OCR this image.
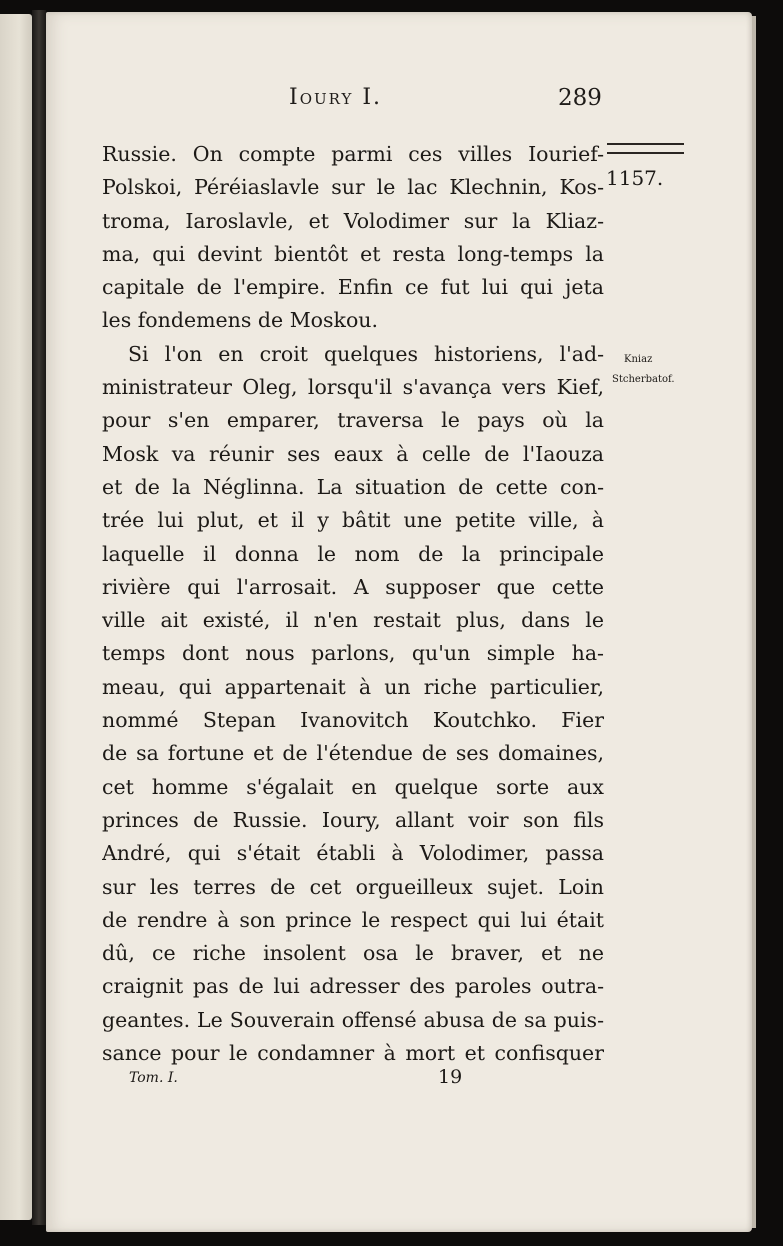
Ioury I.	289
1157.
Kniaz
Stcherbatof.
Russie. On compte parmi ces villes Iourief-
Polskoi, Péréiaslavle sur le lac Klechnin, Kos-
troma, Iaroslavle, et Volodimer sur la Kliaz-
ma, qui devint bientôt et resta long-temps la
capitale de l'empire. Enfin ce fut lui qui jeta
les fondemens de Moskou.
Si l'on en croit quelques historiens, l'ad-
ministrateur Oleg, lorsqu'il s'avança vers Kief,
pour s'en emparer, traversa le pays où la
Mosk va réunir ses eaux à celle de l'Iaouza
et de la Néglinna. La situation de cette con-
trée lui plut, et il y bâtit une petite ville, à
laquelle il donna le nom de la principale
rivière qui l'arrosait. A supposer que cette
ville ait existé, il n'en restait plus, dans le
temps dont nous parlons, qu'un simple ha-
meau, qui appartenait à un riche particulier,
nommé Stepan Ivanovitch Koutchko. Fier
de sa fortune et de l'étendue de ses domaines,
cet homme s'égalait en quelque sorte aux
princes de Russie. Ioury, allant voir son fils
André, qui s'était établi à Volodimer, passa
sur les terres de cet orgueilleux sujet. Loin
de rendre à son prince le respect qui lui était
dû, ce riche insolent osa le braver, et ne
craignit pas de lui adresser des paroles outra-
geantes. Le Souverain offensé abusa de sa puis-
sance pour le condamner à mort et confisquer
Tom. I.	19
